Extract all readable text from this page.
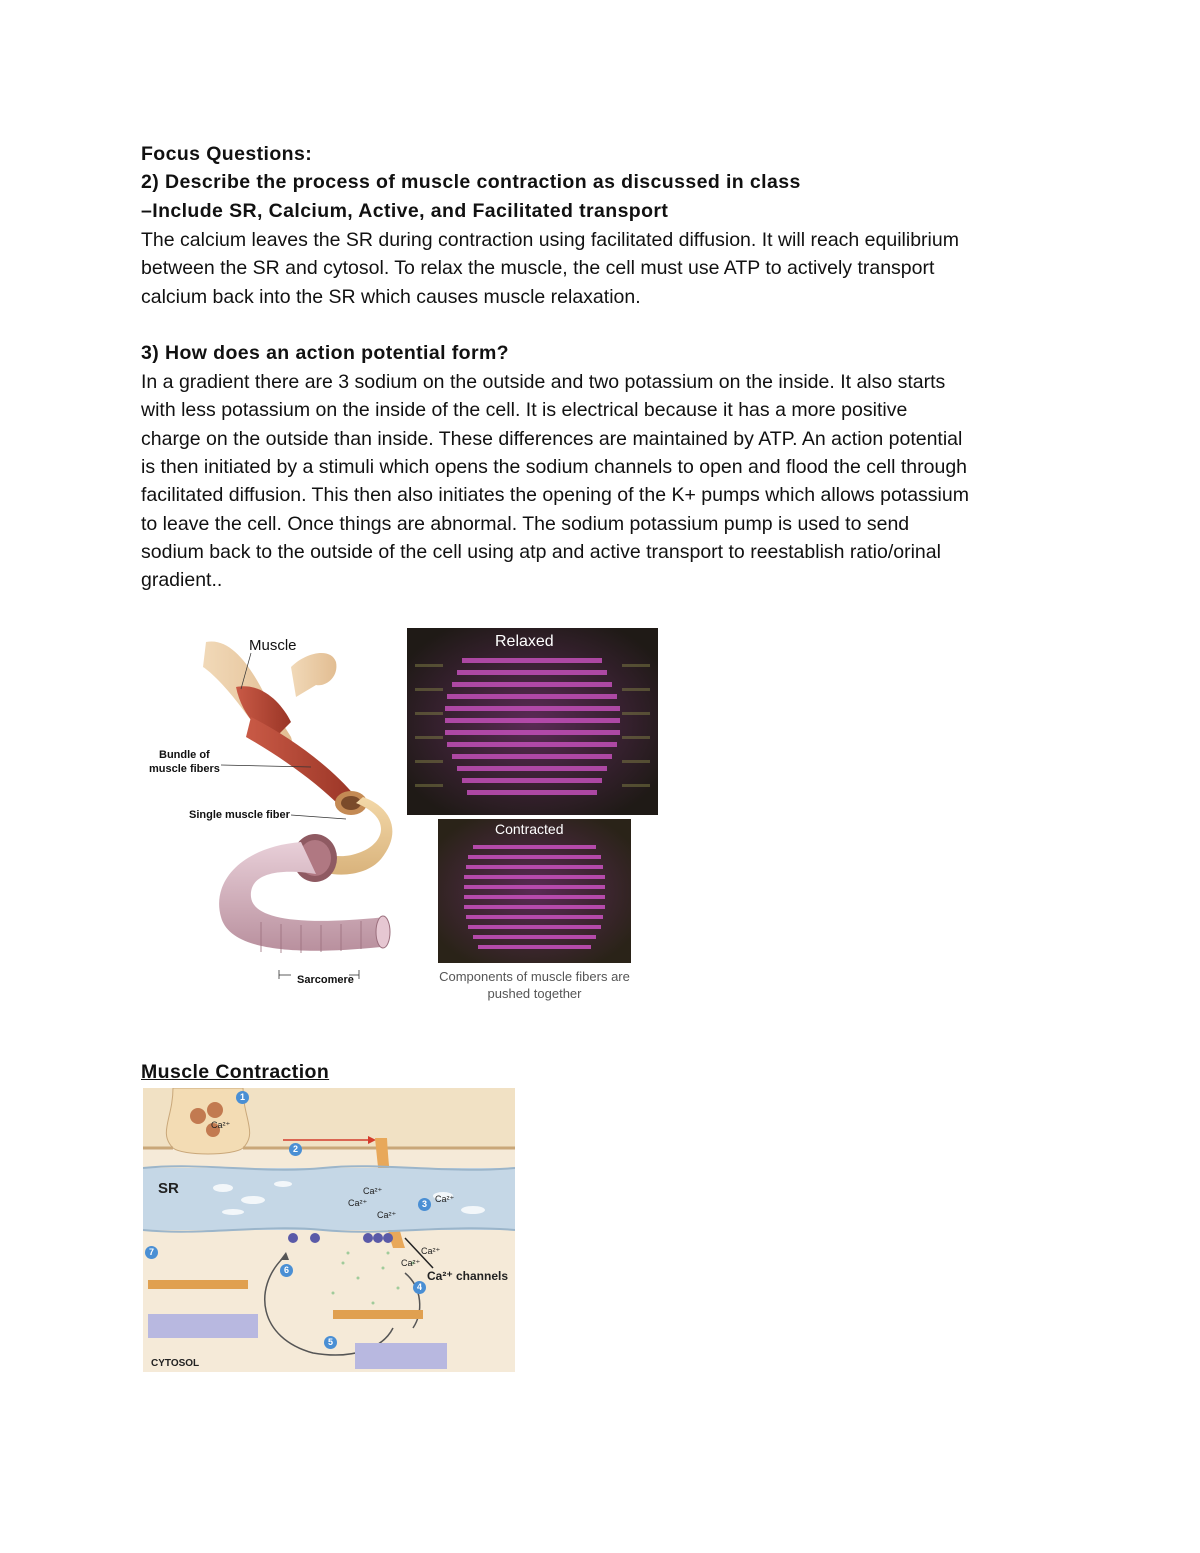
Focus Questions:
2) Describe the process of muscle contraction as discussed in class
–Include SR, Calcium, Active, and Facilitated transport
The calcium leaves the SR during contraction using facilitated diffusion. It will reach equilibrium
between the SR and cytosol. To relax the muscle, the cell must use ATP to actively transport
calcium back into the SR which causes muscle relaxation.
3) How does an action potential form?
In a gradient there are 3 sodium on the outside and two potassium on the inside. It also starts
with less potassium on the inside of the cell. It is electrical because it has a more positive
charge on the outside than inside. These differences are maintained by ATP. An action potential
is then initiated by a stimuli which opens the sodium channels to open and flood the cell through
facilitated diffusion. This then also initiates the opening of the K+ pumps which allows potassium
to leave the cell. Once things are abnormal. The sodium potassium pump is used to send
sodium back to the outside of the cell using atp and active transport to reestablish ratio/orinal
gradient..
Muscle
Bundle of
muscle fibers
Single muscle fiber
Sarcomere
Relaxed
Contracted
Components of muscle fibers are
pushed together
Muscle Contraction
1
2
3
4
5
6
7
Ca²⁺
SR	Ca²⁺
Ca²⁺
Ca²⁺
Ca²⁺
Ca²⁺
Ca²⁺
Ca²⁺ channels
CYTOSOL
